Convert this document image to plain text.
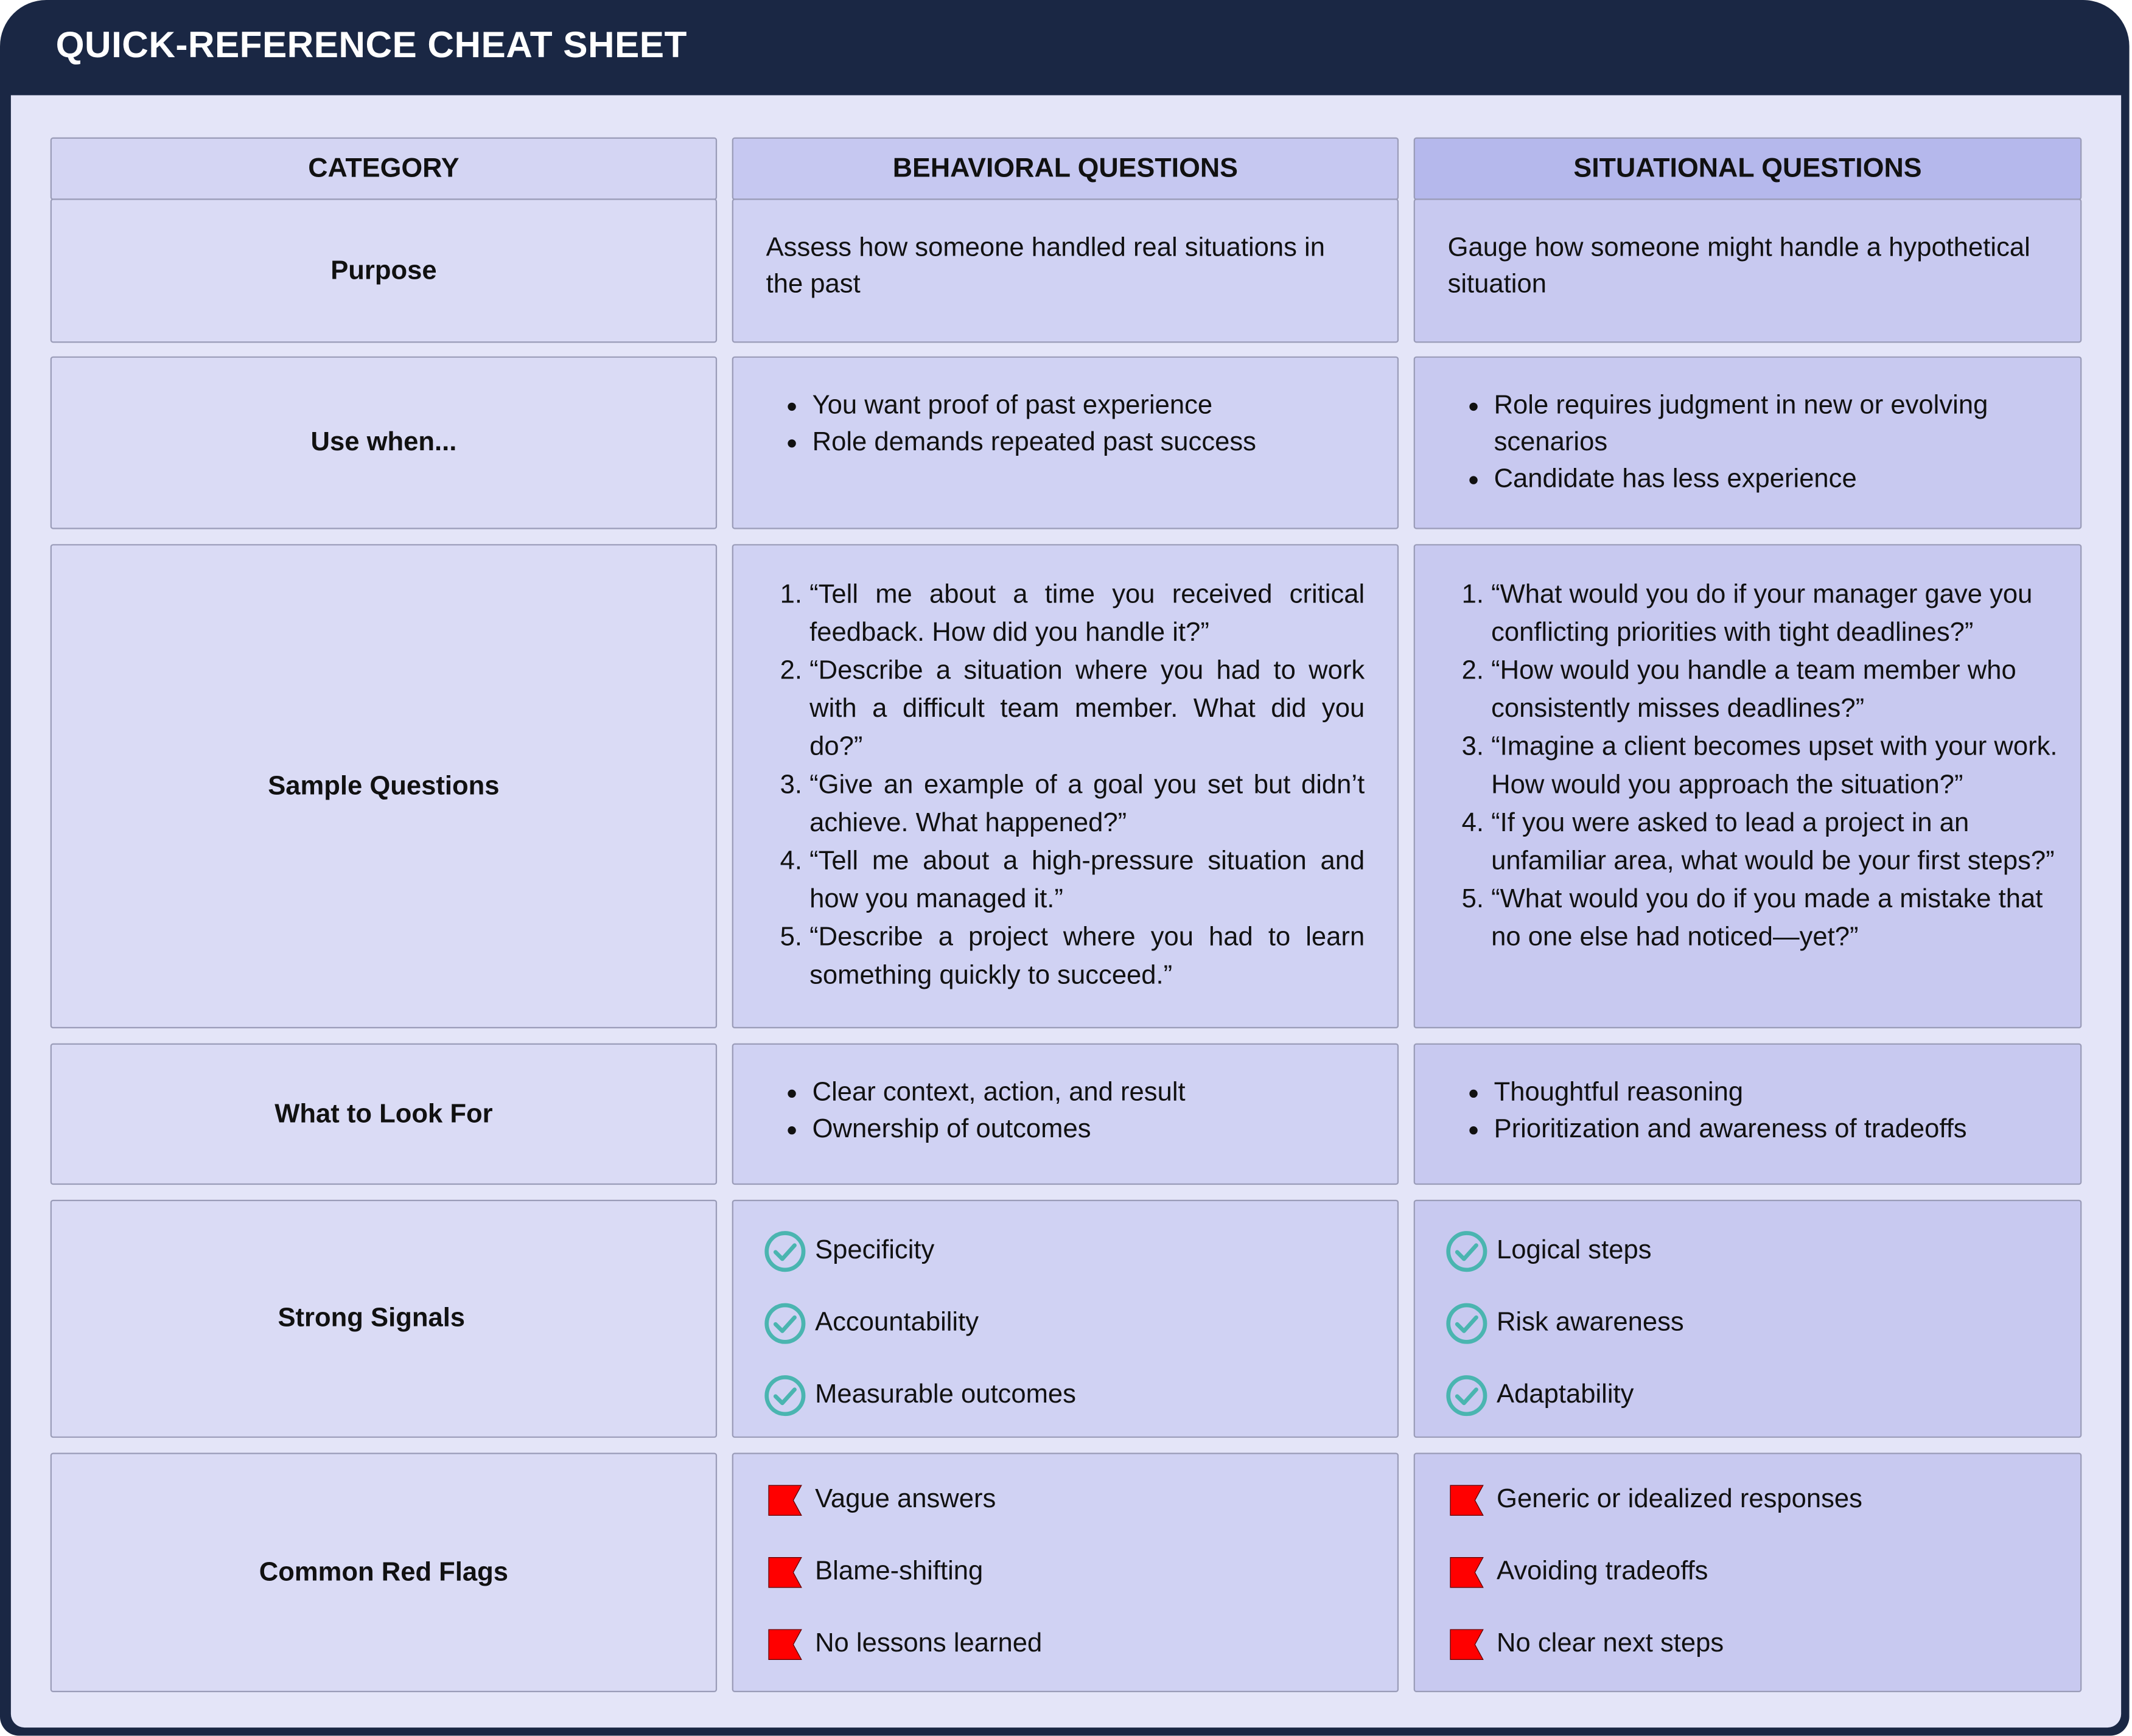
QUICK-REFERENCE CHEAT SHEET
CATEGORY	BEHAVIORAL QUESTIONS	SITUATIONAL QUESTIONS
Purpose
Assess how someone handled real situations in the past
Gauge how someone might handle a hypothetical situation
Use when...
• You want proof of past experience
• Role demands repeated past success
• Role requires judgment in new or evolving scenarios
• Candidate has less experience
Sample Questions
1. “Tell me about a time you received critical feedback. How did you handle it?”
2. “Describe a situation where you had to work with a difficult team member. What did you do?”
3. “Give an example of a goal you set but didn’t achieve. What happened?”
4. “Tell me about a high-pressure situation and how you managed it.”
5. “Describe a project where you had to learn something quickly to succeed.”
1. “What would you do if your manager gave you conflicting priorities with tight deadlines?”
2. “How would you handle a team member who consistently misses deadlines?”
3. “Imagine a client becomes upset with your work. How would you approach the situation?”
4. “If you were asked to lead a project in an unfamiliar area, what would be your first steps?”
5. “What would you do if you made a mistake that no one else had noticed—yet?”
What to Look For
• Clear context, action, and result
• Ownership of outcomes
• Thoughtful reasoning
• Prioritization and awareness of tradeoffs
Strong Signals
Specificity
Accountability
Measurable outcomes
Logical steps
Risk awareness
Adaptability
Common Red Flags
Vague answers
Blame-shifting
No lessons learned
Generic or idealized responses
Avoiding tradeoffs
No clear next steps
